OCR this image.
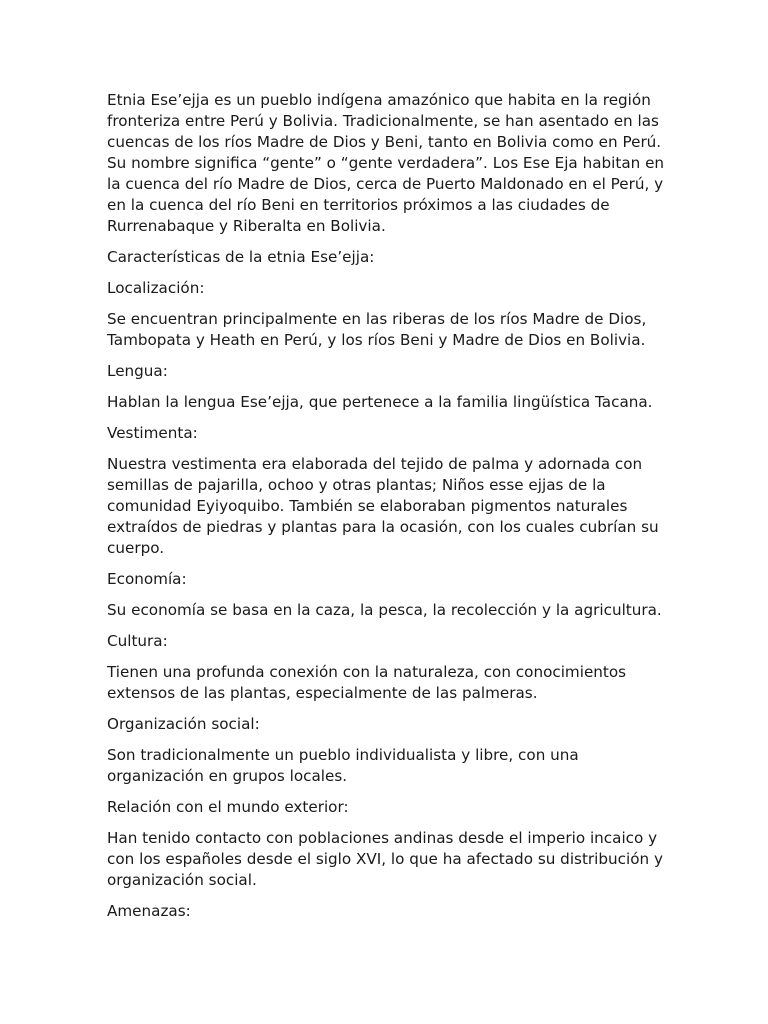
Etnia Ese’ejja es un pueblo indígena amazónico que habita en la región fronteriza entre Perú y Bolivia. Tradicionalmente, se han asentado en las cuencas de los ríos Madre de Dios y Beni, tanto en Bolivia como en Perú. Su nombre significa “gente” o “gente verdadera”. Los Ese Eja habitan en la cuenca del río Madre de Dios, cerca de Puerto Maldonado en el Perú, y en la cuenca del río Beni en territorios próximos a las ciudades de Rurrenabaque y Riberalta en Bolivia.

Características de la etnia Ese’ejja:

Localización:

Se encuentran principalmente en las riberas de los ríos Madre de Dios, Tambopata y Heath en Perú, y los ríos Beni y Madre de Dios en Bolivia.

Lengua:

Hablan la lengua Ese’ejja, que pertenece a la familia lingüística Tacana.

Vestimenta:

Nuestra vestimenta era elaborada del tejido de palma y adornada con semillas de pajarilla, ochoo y otras plantas; Niños esse ejjas de la comunidad Eyiyoquibo. También se elaboraban pigmentos naturales extraídos de piedras y plantas para la ocasión, con los cuales cubrían su cuerpo.

Economía:

Su economía se basa en la caza, la pesca, la recolección y la agricultura.

Cultura:

Tienen una profunda conexión con la naturaleza, con conocimientos extensos de las plantas, especialmente de las palmeras.

Organización social:

Son tradicionalmente un pueblo individualista y libre, con una organización en grupos locales.

Relación con el mundo exterior:

Han tenido contacto con poblaciones andinas desde el imperio incaico y con los españoles desde el siglo XVI, lo que ha afectado su distribución y organización social.

Amenazas:
